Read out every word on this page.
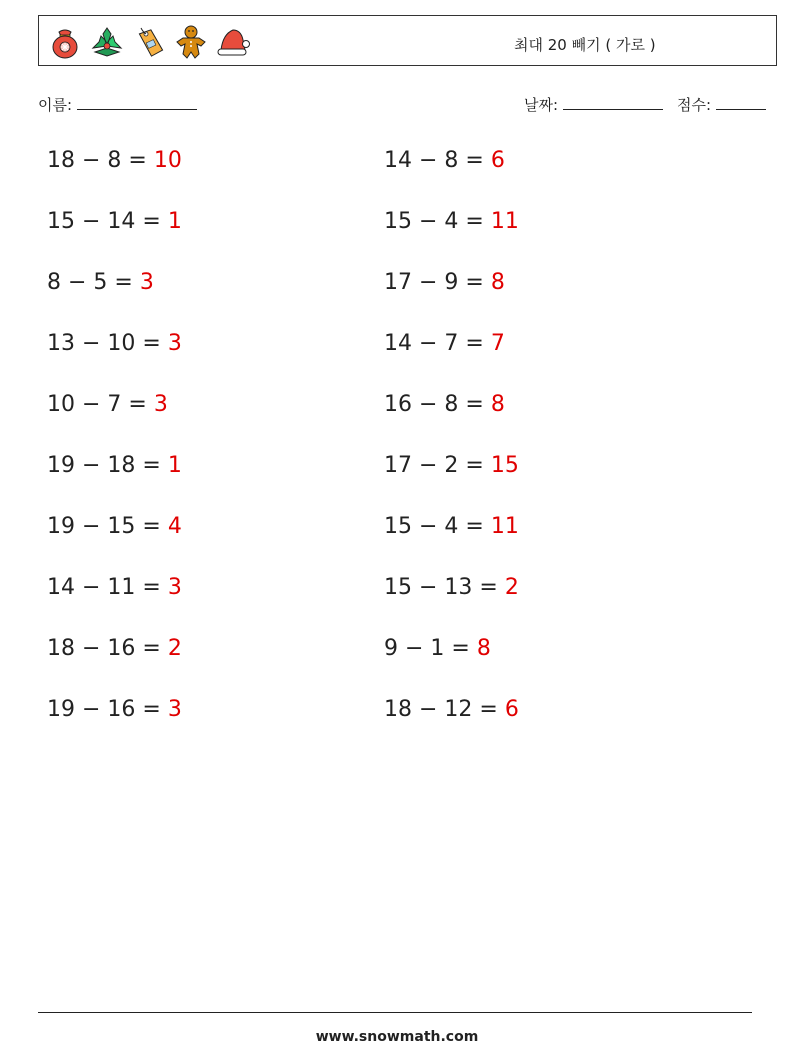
최대 20 빼기 ( 가로 )
이름:	날짜:	점수:
18 − 8 = 10	14 − 8 = 6
15 − 14 = 1	15 − 4 = 11
8 − 5 = 3	17 − 9 = 8
13 − 10 = 3	14 − 7 = 7
10 − 7 = 3	16 − 8 = 8
19 − 18 = 1	17 − 2 = 15
19 − 15 = 4	15 − 4 = 11
14 − 11 = 3	15 − 13 = 2
18 − 16 = 2	9 − 1 = 8
19 − 16 = 3	18 − 12 = 6
www.snowmath.com
